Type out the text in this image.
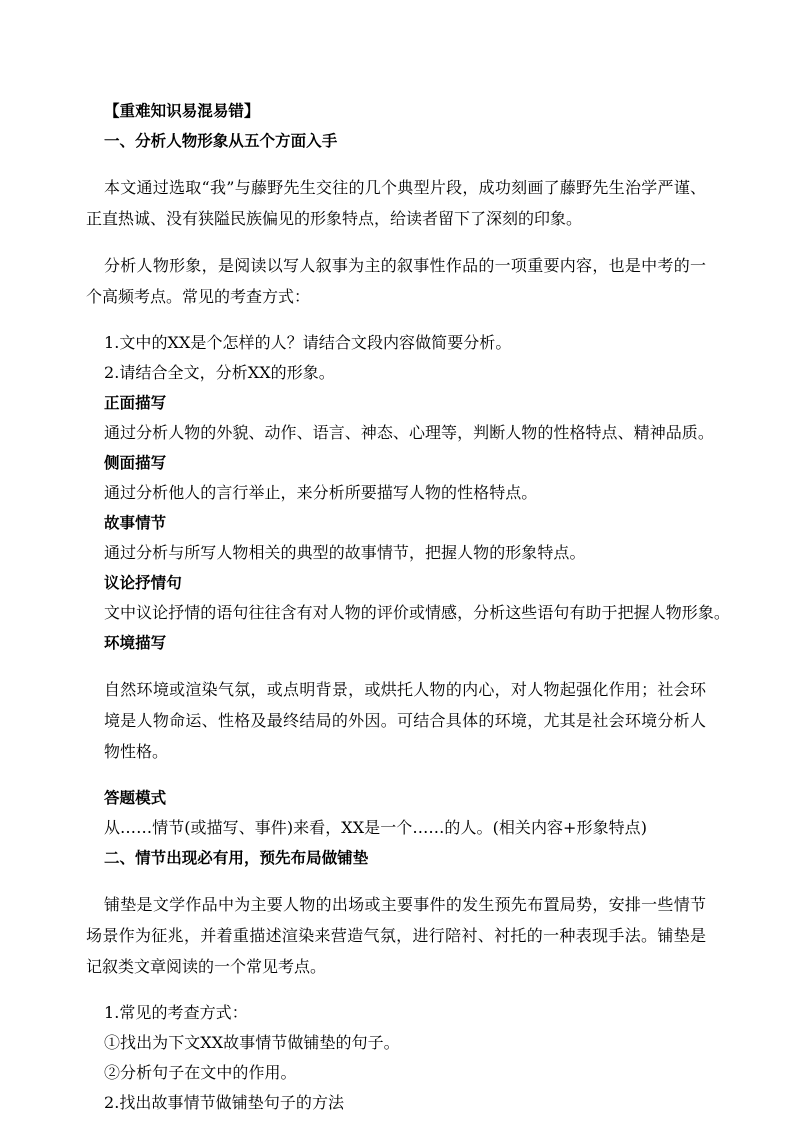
【重难知识易混易错】

一、分析人物形象从五个方面入手

本文通过选取“我”与藤野先生交往的几个典型片段，成功刻画了藤野先生治学严谨、正直热诚、没有狭隘民族偏见的形象特点，给读者留下了深刻的印象。

分析人物形象，是阅读以写人叙事为主的叙事性作品的一项重要内容，也是中考的一个高频考点。常见的考查方式：

1.文中的XX是个怎样的人？请结合文段内容做简要分析。

2.请结合全文，分析XX的形象。

正面描写

通过分析人物的外貌、动作、语言、神态、心理等，判断人物的性格特点、精神品质。

侧面描写

通过分析他人的言行举止，来分析所要描写人物的性格特点。

故事情节

通过分析与所写人物相关的典型的故事情节，把握人物的形象特点。

议论抒情句

文中议论抒情的语句往往含有对人物的评价或情感，分析这些语句有助于把握人物形象。

环境描写

自然环境或渲染气氛，或点明背景，或烘托人物的内心，对人物起强化作用；社会环境是人物命运、性格及最终结局的外因。可结合具体的环境，尤其是社会环境分析人物性格。

答题模式

从……情节(或描写、事件)来看，XX是一个……的人。(相关内容+形象特点)

二、情节出现必有用，预先布局做铺垫

铺垫是文学作品中为主要人物的出场或主要事件的发生预先布置局势，安排一些情节场景作为征兆，并着重描述渲染来营造气氛，进行陪衬、衬托的一种表现手法。铺垫是记叙类文章阅读的一个常见考点。

1.常见的考查方式：

①找出为下文XX故事情节做铺垫的句子。

②分析句子在文中的作用。

2.找出故事情节做铺垫句子的方法
